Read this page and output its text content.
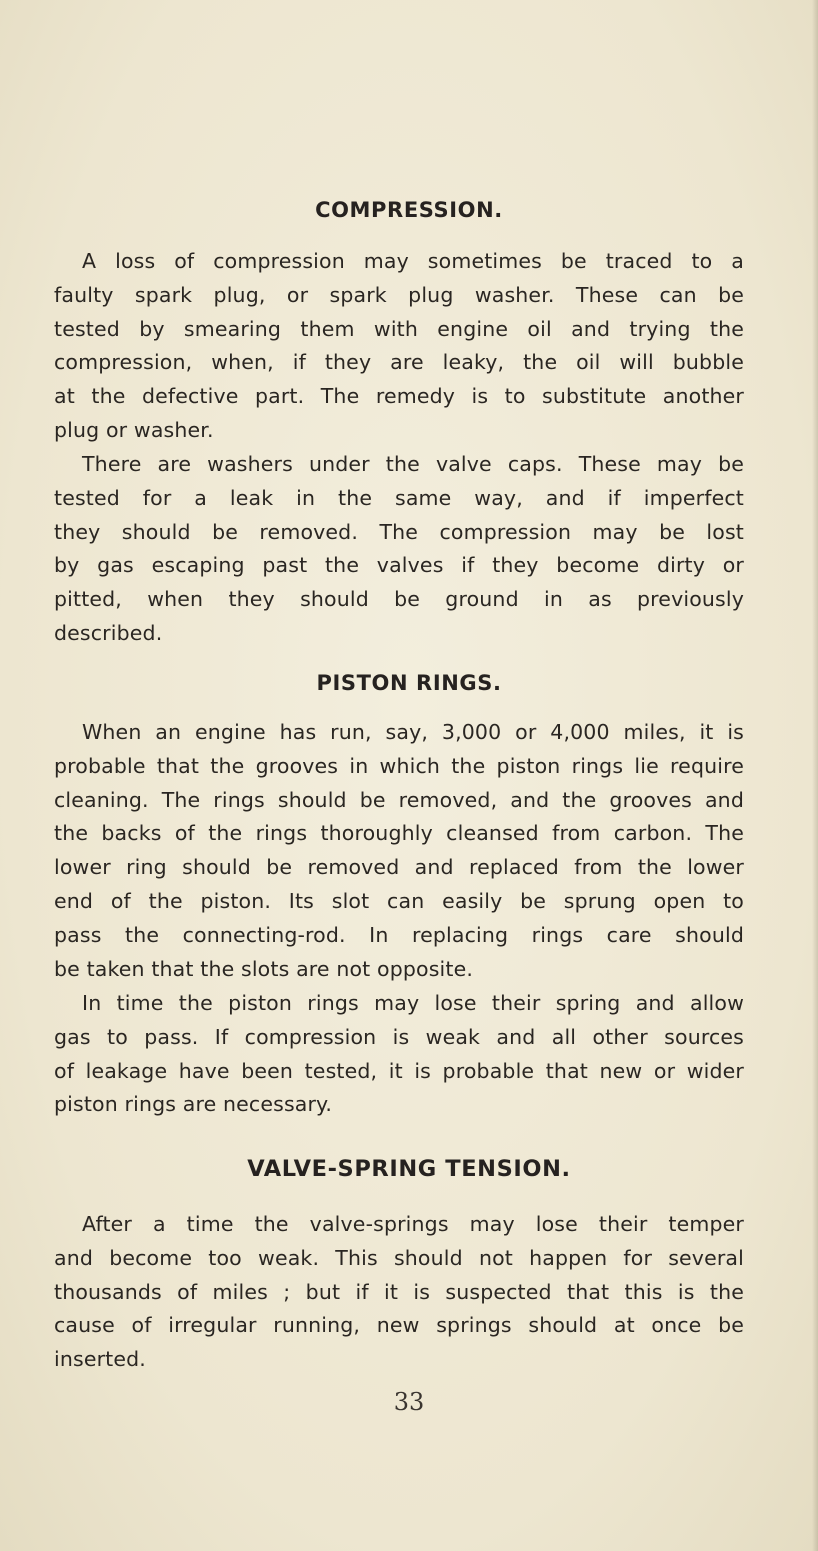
COMPRESSION.
A loss of compression may sometimes be traced to a
faulty spark plug, or spark plug washer. These can be
tested by smearing them with engine oil and trying the
compression, when, if they are leaky, the oil will bubble
at the defective part. The remedy is to substitute another
plug or washer.
There are washers under the valve caps. These may be
tested for a leak in the same way, and if imperfect
they should be removed. The compression may be lost
by gas escaping past the valves if they become dirty or
pitted, when they should be ground in as previously
described.
PISTON RINGS.
When an engine has run, say, 3,000 or 4,000 miles, it is
probable that the grooves in which the piston rings lie require
cleaning. The rings should be removed, and the grooves and
the backs of the rings thoroughly cleansed from carbon. The
lower ring should be removed and replaced from the lower
end of the piston. Its slot can easily be sprung open to
pass the connecting-rod. In replacing rings care should
be taken that the slots are not opposite.
In time the piston rings may lose their spring and allow
gas to pass. If compression is weak and all other sources
of leakage have been tested, it is probable that new or wider
piston rings are necessary.
VALVE-SPRING TENSION.
After a time the valve-springs may lose their temper
and become too weak. This should not happen for several
thousands of miles ; but if it is suspected that this is the
cause of irregular running, new springs should at once be
inserted.
33
